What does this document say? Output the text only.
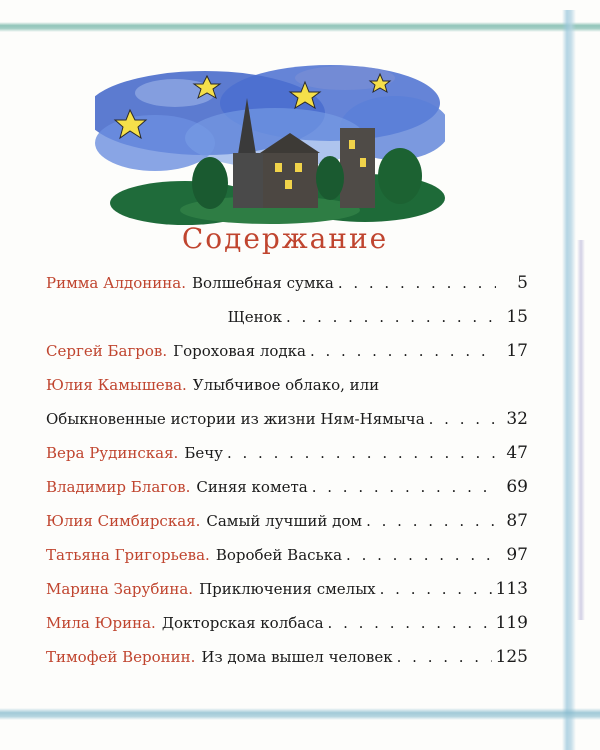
Содержание
Римма Алдонина. Волшебная сумка . . .	5
Щенок . . .	15
Сергей Багров. Гороховая лодка . . .	17
Юлия Камышева. Улыбчивое облако, или
Обыкновенные истории из жизни Ням-Нямыча . . .	32
Вера Рудинская. Бечу . . .	47
Владимир Благов. Синяя комета . . .	69
Юлия Симбирская. Самый лучший дом . . .	87
Татьяна Григорьева. Воробей Васька . . .	97
Марина Зарубина. Приключения смелых . . .	113
Мила Юрина. Докторская колбаса . . .	119
Тимофей Веронин. Из дома вышел человек . . .	125
